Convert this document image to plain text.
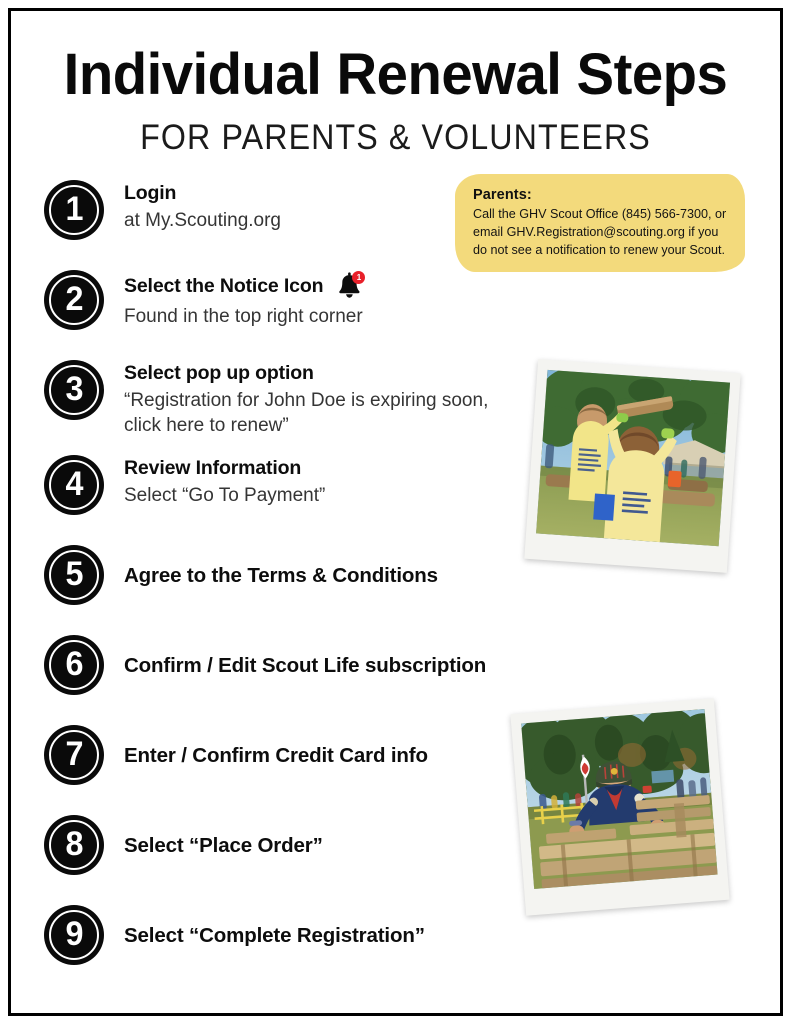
Individual Renewal Steps
FOR PARENTS & VOLUNTEERS
Parents:
Call the GHV Scout Office (845) 566-7300, or email GHV.Registration@scouting.org if you do not see a notification to renew your Scout.
1 Login
at My.Scouting.org
2 Select the Notice Icon	1
Found in the top right corner
3 Select pop up option
“Registration for John Doe is expiring soon, click here to renew”
4 Review Information
Select “Go To Payment”
5 Agree to the Terms & Conditions
6 Confirm / Edit Scout Life subscription
7 Enter / Confirm Credit Card info
8 Select “Place Order”
9 Select “Complete Registration”
